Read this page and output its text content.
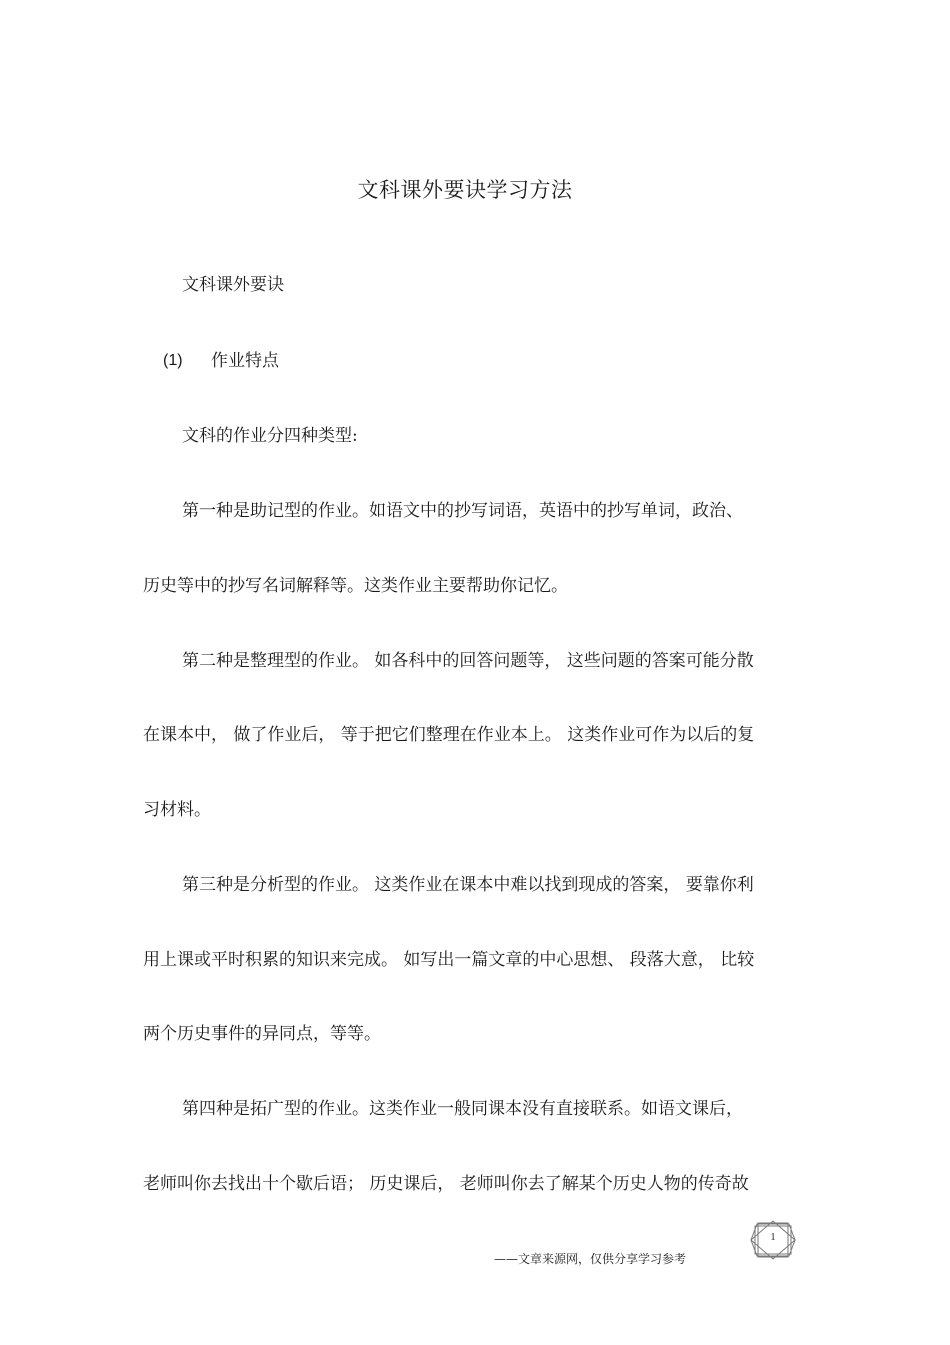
文科课外要诀学习方法
文科课外要诀
(1) 作业特点
文科的作业分四种类型:
第一种是助记型的作业。如语文中的抄写词语，英语中的抄写单词，政治、
历史等中的抄写名词解释等。这类作业主要帮助你记忆。
第二种是整理型的作业。 如各科中的回答问题等， 这些问题的答案可能分散
在课本中， 做了作业后， 等于把它们整理在作业本上。 这类作业可作为以后的复
习材料。
第三种是分析型的作业。 这类作业在课本中难以找到现成的答案， 要靠你利
用上课或平时积累的知识来完成。 如写出一篇文章的中心思想、 段落大意， 比较
两个历史事件的异同点，等等。
第四种是拓广型的作业。这类作业一般同课本没有直接联系。如语文课后，
老师叫你去找出十个歇后语； 历史课后， 老师叫你去了解某个历史人物的传奇故
1
——文章来源网，仅供分享学习参考
